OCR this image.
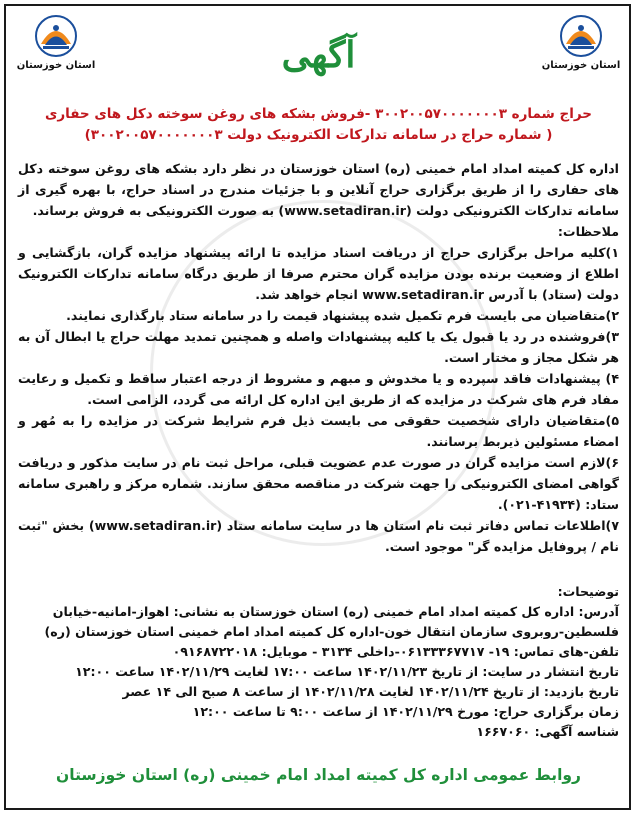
استان خوزستان	استان خوزستان
آگهی
حراج شماره ۳۰۰۲۰۰۵۷۰۰۰۰۰۰۰۳ -فروش بشکه های روغن سوخته دکل های حفاری
( شماره حراج در سامانه تدارکات الکترونیک دولت ۳۰۰۲۰۰۵۷۰۰۰۰۰۰۰۳)

اداره کل کمیته امداد امام خمینی (ره) استان خوزستان در نظر دارد بشکه های روغن سوخته دکل های حفاری را از طریق برگزاری حراج آنلاین و با جزئیات مندرج در اسناد حراج، با بهره گیری از سامانه تدارکات الکترونیکی دولت (www.setadiran.ir) به صورت الکترونیکی به فروش برساند.

ملاحظات:

۱)کلیه مراحل برگزاری حراج از دریافت اسناد مزایده تا ارائه پیشنهاد مزایده گران، بازگشایی و اطلاع از وضعیت برنده بودن مزایده گران محترم صرفا از طریق درگاه سامانه تدارکات الکترونیک دولت (ستاد) با آدرس www.setadiran.ir انجام خواهد شد.

۲)متقاضیان می بایست فرم تکمیل شده پیشنهاد قیمت را در سامانه ستاد بارگذاری نمایند.

۳)فروشنده در رد یا قبول یک یا کلیه پیشنهادات واصله و همچنین تمدید مهلت حراج یا ابطال آن به هر شکل مجاز و مختار است.

۴) پیشنهادات فاقد سپرده و یا مخدوش و مبهم و مشروط از درجه اعتبار ساقط و تکمیل و رعایت مفاد فرم های شرکت در مزایده که از طریق این اداره کل ارائه می گردد، الزامی است.

۵)متقاضیان دارای شخصیت حقوقی می بایست ذیل فرم شرایط شرکت در مزایده را به مُهر و امضاء مسئولین ذیربط برسانند.

۶)لازم است مزایده گران در صورت عدم عضویت قبلی، مراحل ثبت نام در سایت مذکور و دریافت گواهی امضای الکترونیکی را جهت شرکت در مناقصه محقق سازند. شماره مرکز و راهبری سامانه ستاد: (۴۱۹۳۴-۰۲۱).

۷)اطلاعات تماس دفاتر ثبت نام استان ها در سایت سامانه ستاد (www.setadiran.ir) بخش "ثبت نام / پروفایل مزایده گر" موجود است.

توضیحات:

آدرس: اداره کل کمیته امداد امام خمینی (ره) استان خوزستان به نشانی: اهواز-امانیه-خیابان فلسطین-روبروی سازمان انتقال خون-اداره کل کمیته امداد امام خمینی استان خوزستان (ره)

تلفن-های تماس: ۱۹- ۰۶۱۳۳۳۶۷۷۱۷-داخلی ۳۱۳۴ - موبایل: ۰۹۱۶۸۷۲۲۰۱۸

تاریخ انتشار در سایت: از تاریخ ۱۴۰۲/۱۱/۲۳ ساعت ۱۷:۰۰ لغایت ۱۴۰۲/۱۱/۲۹ ساعت ۱۲:۰۰

تاریخ بازدید: از تاریخ ۱۴۰۲/۱۱/۲۴ لغایت ۱۴۰۲/۱۱/۲۸ از ساعت ۸ صبح الی ۱۴ عصر

زمان برگزاری حراج: مورخ ۱۴۰۲/۱۱/۲۹ از ساعت ۹:۰۰ تا ساعت ۱۲:۰۰

شناسه آگهی: ۱۶۶۷۰۶۰

روابط عمومی اداره کل کمیته امداد امام خمینی (ره) استان خوزستان
